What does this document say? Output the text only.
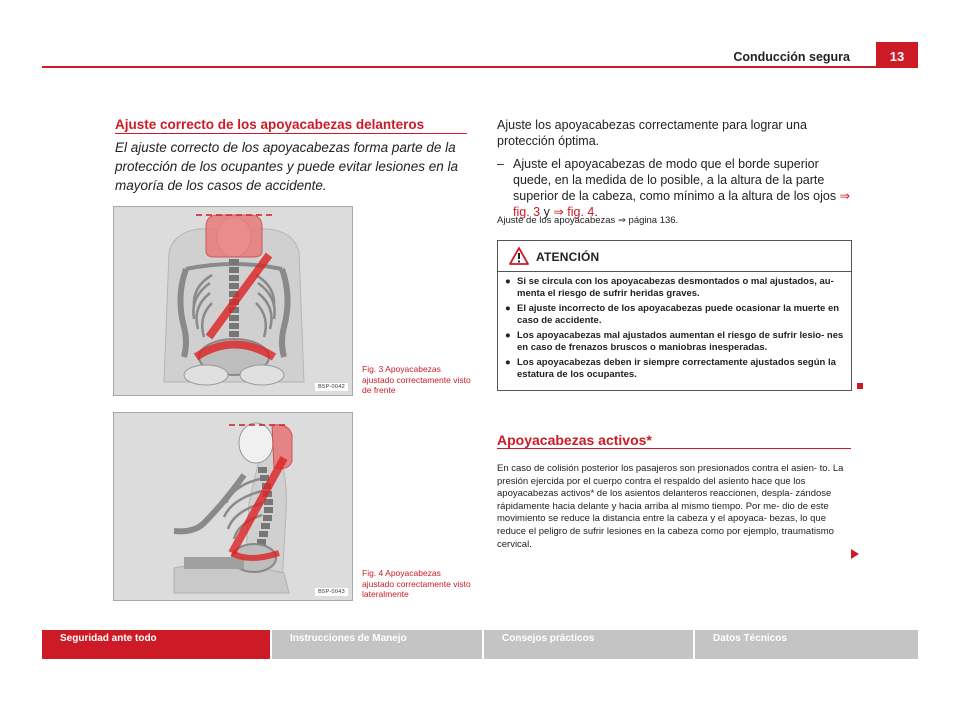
Conducción segura	13
Ajuste correcto de los apoyacabezas delanteros
El ajuste correcto de los apoyacabezas forma parte de la protección de los ocupantes y puede evitar lesiones en la mayoría de los casos de accidente.
B5P-0042
Fig. 3 Apoyacabezas ajustado correctamente visto de frente
B5P-0043
Fig. 4 Apoyacabezas ajustado correctamente visto lateralmente
Ajuste los apoyacabezas correctamente para lograr una protección óptima.
– Ajuste el apoyacabezas de modo que el borde superior quede, en la medida de lo posible, a la altura de la parte superior de la cabeza, como mínimo a la altura de los ojos ⇒ fig. 3 y ⇒ fig. 4.
Ajuste de los apoyacabezas ⇒ página 136.
ATENCIÓN
● Si se circula con los apoyacabezas desmontados o mal ajustados, au- menta el riesgo de sufrir heridas graves.
● El ajuste incorrecto de los apoyacabezas puede ocasionar la muerte en caso de accidente.
● Los apoyacabezas mal ajustados aumentan el riesgo de sufrir lesio- nes en caso de frenazos bruscos o maniobras inesperadas.
● Los apoyacabezas deben ir siempre correctamente ajustados según la estatura de los ocupantes.
Apoyacabezas activos*
En caso de colisión posterior los pasajeros son presionados contra el asien- to. La presión ejercida por el cuerpo contra el respaldo del asiento hace que los apoyacabezas activos* de los asientos delanteros reaccionen, despla- zándose rápidamente hacia delante y hacia arriba al mismo tiempo. Por me- dio de este movimiento se reduce la distancia entre la cabeza y el apoyaca- bezas, lo que reduce el peligro de sufrir lesiones en la cabeza como por ejemplo, traumatismo cervical.
Seguridad ante todo	Instrucciones de Manejo	Consejos prácticos	Datos Técnicos
